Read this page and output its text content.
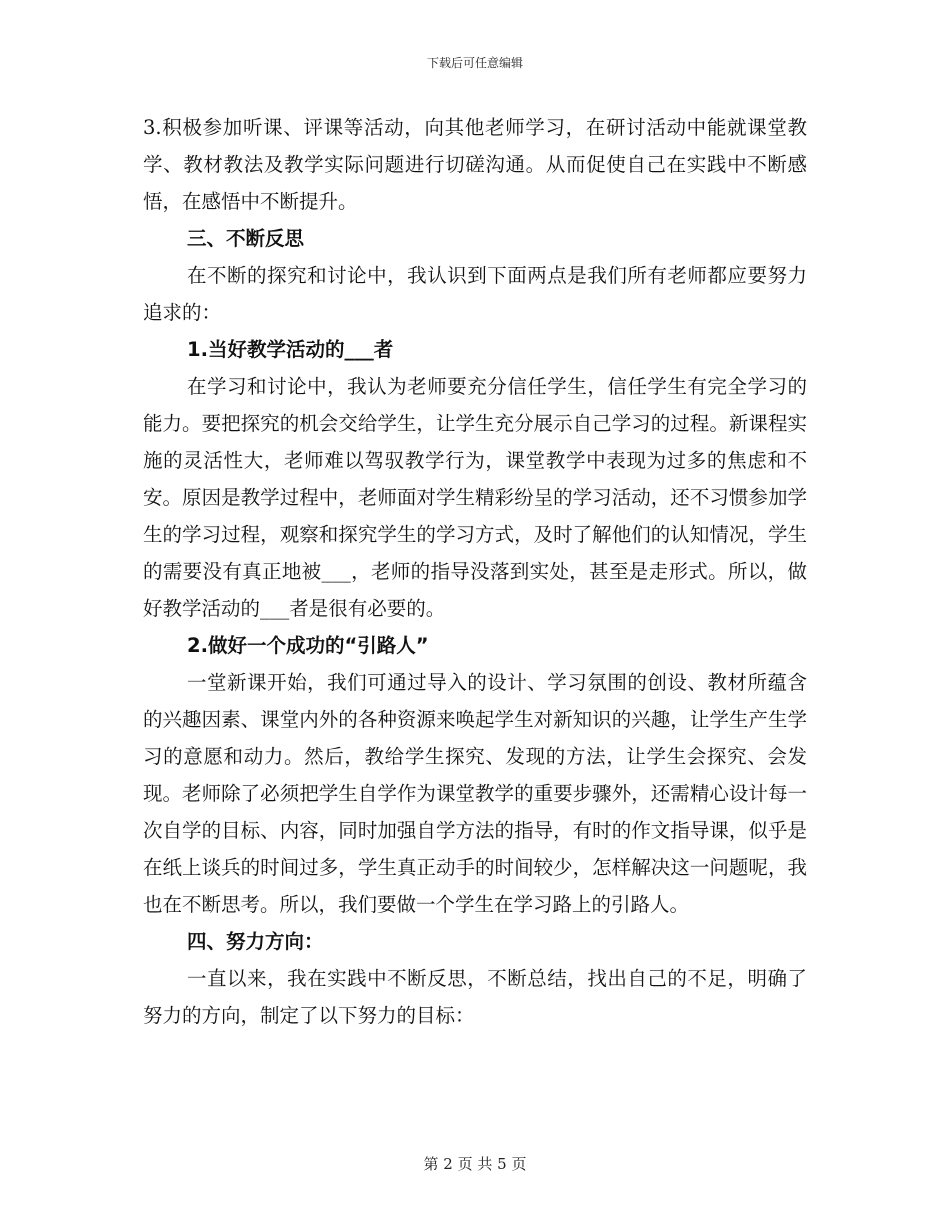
下载后可任意编辑

3.积极参加听课、评课等活动，向其他老师学习，在研讨活动中能就课堂教学、教材教法及教学实际问题进行切磋沟通。从而促使自己在实践中不断感悟，在感悟中不断提升。

三、不断反思

在不断的探究和讨论中，我认识到下面两点是我们所有老师都应要努力追求的：

1.当好教学活动的___者

在学习和讨论中，我认为老师要充分信任学生，信任学生有完全学习的能力。要把探究的机会交给学生，让学生充分展示自己学习的过程。新课程实施的灵活性大，老师难以驾驭教学行为，课堂教学中表现为过多的焦虑和不安。原因是教学过程中，老师面对学生精彩纷呈的学习活动，还不习惯参加学生的学习过程，观察和探究学生的学习方式，及时了解他们的认知情况，学生的需要没有真正地被___，老师的指导没落到实处，甚至是走形式。所以，做好教学活动的___者是很有必要的。

2.做好一个成功的“引路人”

一堂新课开始，我们可通过导入的设计、学习氛围的创设、教材所蕴含的兴趣因素、课堂内外的各种资源来唤起学生对新知识的兴趣，让学生产生学习的意愿和动力。然后，教给学生探究、发现的方法，让学生会探究、会发现。老师除了必须把学生自学作为课堂教学的重要步骤外，还需精心设计每一次自学的目标、内容，同时加强自学方法的指导，有时的作文指导课，似乎是在纸上谈兵的时间过多，学生真正动手的时间较少，怎样解决这一问题呢，我也在不断思考。所以，我们要做一个学生在学习路上的引路人。

四、努力方向：

一直以来，我在实践中不断反思，不断总结，找出自己的不足，明确了努力的方向，制定了以下努力的目标：

第 2 页 共 5 页
